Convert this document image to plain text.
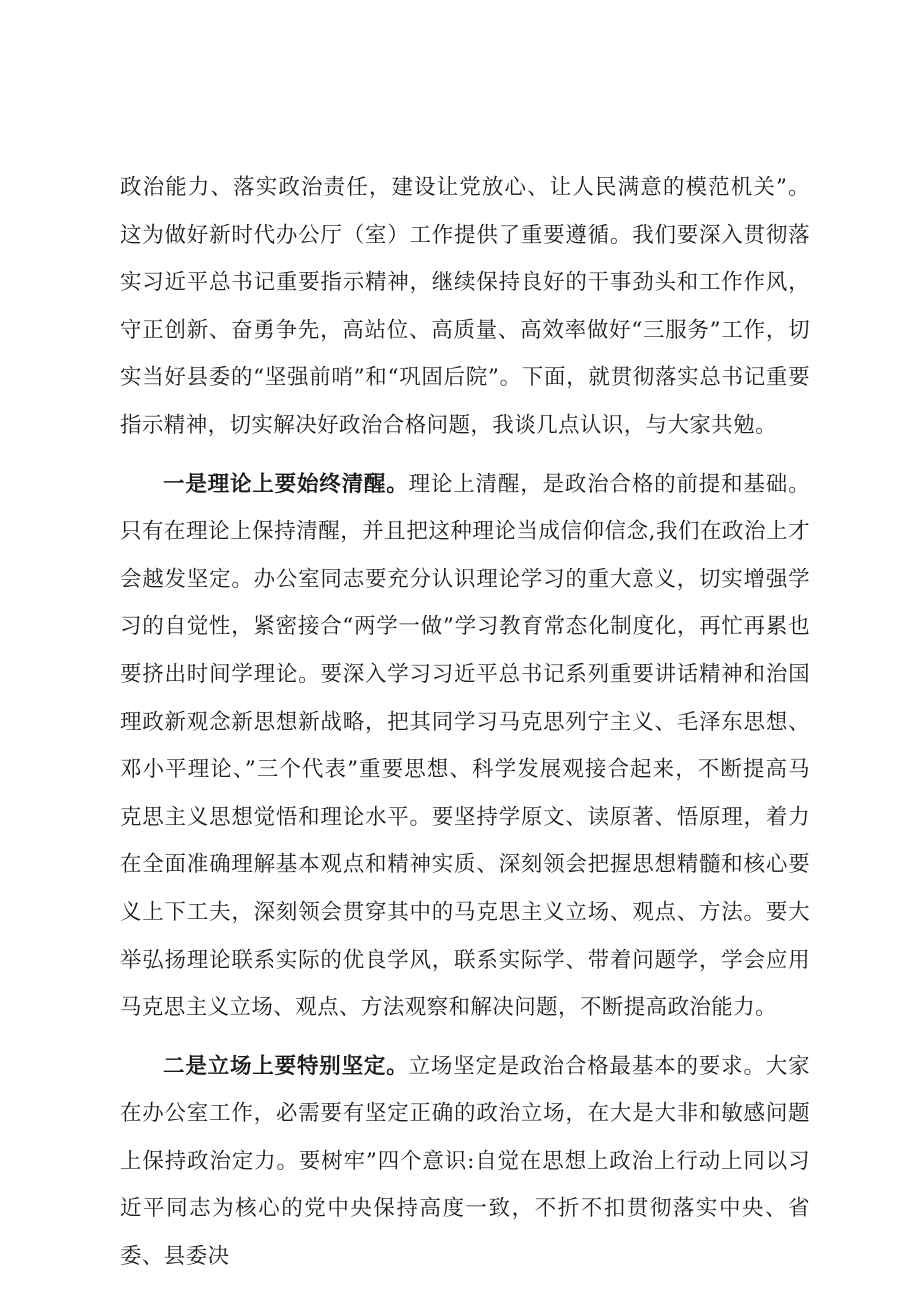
政治能力、落实政治责任，建设让党放心、让人民满意的模范机关”。这为做好新时代办公厅（室）工作提供了重要遵循。我们要深入贯彻落实习近平总书记重要指示精神，继续保持良好的干事劲头和工作作风，守正创新、奋勇争先，高站位、高质量、高效率做好“三服务”工作，切实当好县委的“坚强前哨”和“巩固后院”。下面，就贯彻落实总书记重要指示精神，切实解决好政治合格问题，我谈几点认识，与大家共勉。

一是理论上要始终清醒。理论上清醒，是政治合格的前提和基础。只有在理论上保持清醒，并且把这种理论当成信仰信念,我们在政治上才会越发坚定。办公室同志要充分认识理论学习的重大意义，切实增强学习的自觉性，紧密接合“两学一做”学习教育常态化制度化，再忙再累也要挤出时间学理论。要深入学习习近平总书记系列重要讲话精神和治国理政新观念新思想新战略，把其同学习马克思列宁主义、毛泽东思想、邓小平理论、”三个代表”重要思想、科学发展观接合起来，不断提高马克思主义思想觉悟和理论水平。要坚持学原文、读原著、悟原理，着力在全面准确理解基本观点和精神实质、深刻领会把握思想精髓和核心要义上下工夫，深刻领会贯穿其中的马克思主义立场、观点、方法。要大举弘扬理论联系实际的优良学风，联系实际学、带着问题学，学会应用马克思主义立场、观点、方法观察和解决问题，不断提高政治能力。

二是立场上要特别坚定。立场坚定是政治合格最基本的要求。大家在办公室工作，必需要有坚定正确的政治立场，在大是大非和敏感问题上保持政治定力。要树牢”四个意识:自觉在思想上政治上行动上同以习近平同志为核心的党中央保持高度一致，不折不扣贯彻落实中央、省委、县委决
